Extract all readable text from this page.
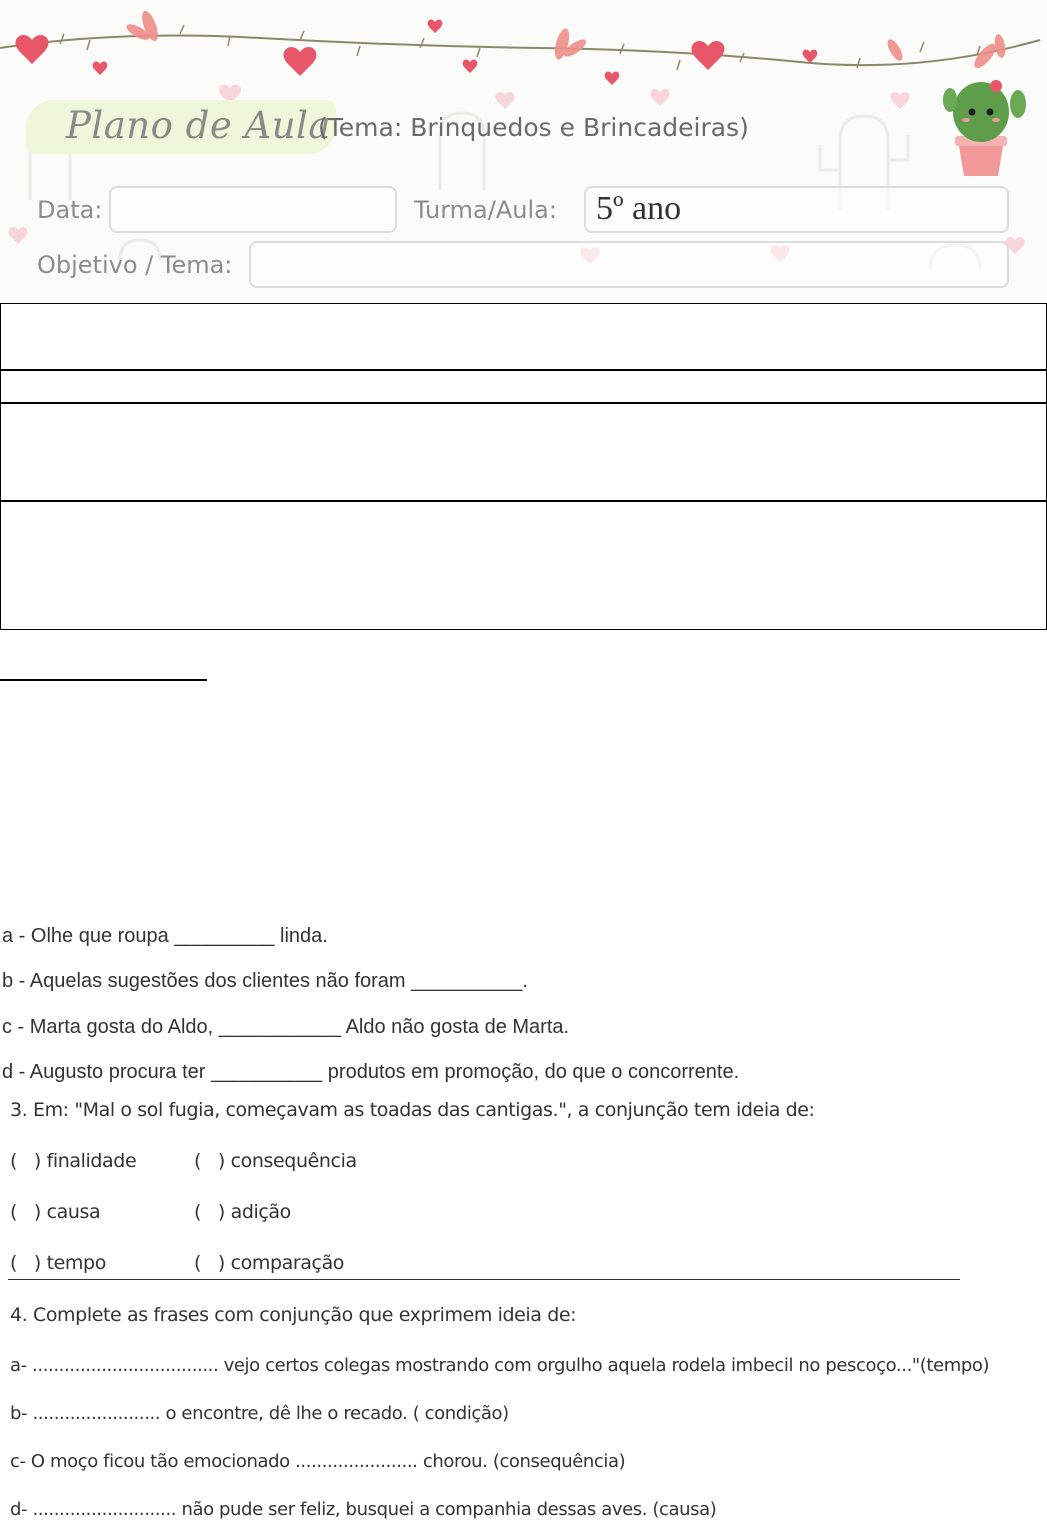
Plano de Aula
(Tema: Brinquedos e Brincadeiras)
Data:	Turma/Aula: 5º ano
Objetivo / Tema:
a - Olhe que roupa _________ linda.
b - Aquelas sugestões dos clientes não foram __________.
c - Marta gosta do Aldo, ___________ Aldo não gosta de Marta.
d - Augusto procura ter __________ produtos em promoção, do que o concorrente.
3. Em: "Mal o sol fugia, começavam as toadas das cantigas.", a conjunção tem ideia de:
(   ) finalidade	(   ) consequência
(   ) causa	(   ) adição
(   ) tempo	(   ) comparação
4. Complete as frases com conjunção que exprimem ideia de:
a- ................................... vejo certos colegas mostrando com orgulho aquela rodela imbecil no pescoço..."(tempo)
b- ........................ o encontre, dê lhe o recado. ( condição)
c- O moço ficou tão emocionado ....................... chorou. (consequência)
d- ........................... não pude ser feliz, busquei a companhia dessas aves. (causa)
